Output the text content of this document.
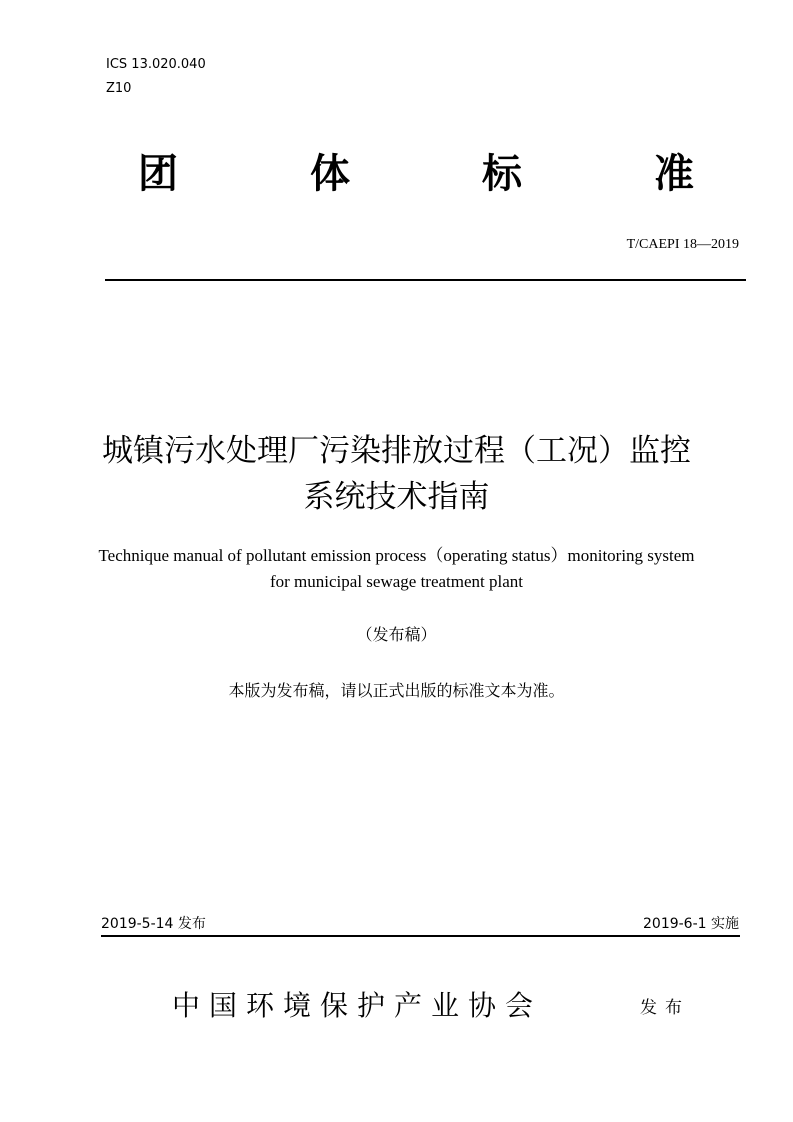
ICS 13.020.040
Z10
团	体	标	准
T/CAEPI 18—2019
城镇污水处理厂污染排放过程（工况）监控
系统技术指南
Technique manual of pollutant emission process（operating status）monitoring system
for municipal sewage treatment plant
（发布稿）
本版为发布稿，请以正式出版的标准文本为准。
2019-5-14 发布	2019-6-1 实施
中国环境保护产业协会	发布
